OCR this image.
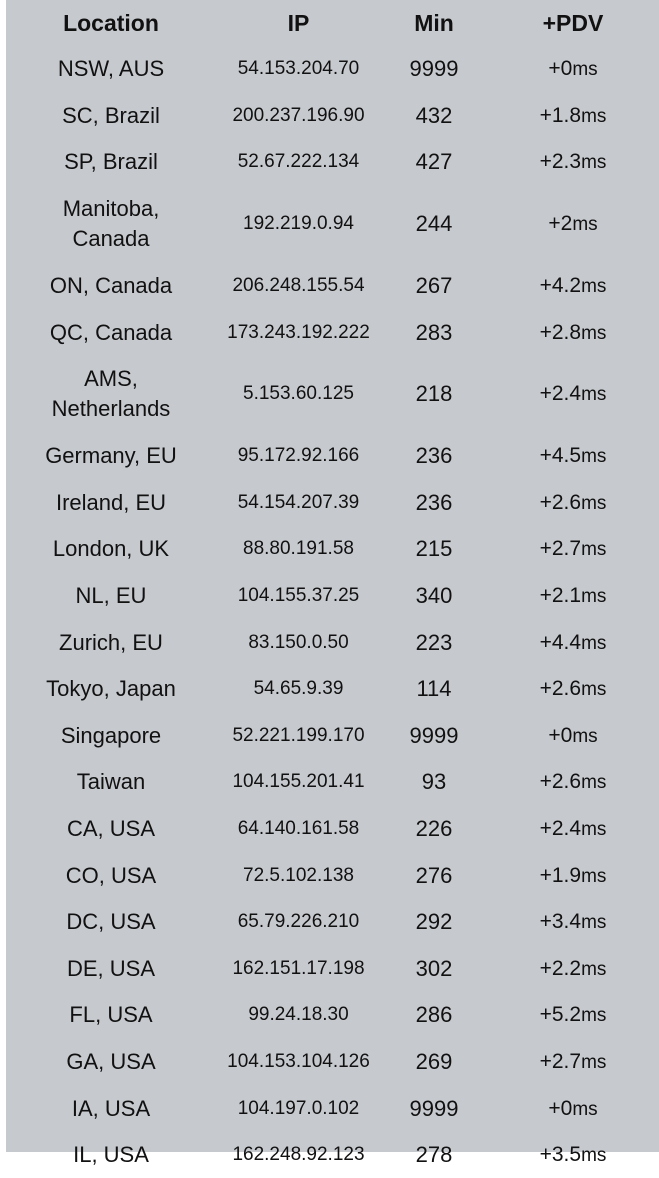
Location	IP	Min	+PDV
NSW, AUS	54.153.204.70	9999	+0ms
SC, Brazil	200.237.196.90	432	+1.8ms
SP, Brazil	52.67.222.134	427	+2.3ms
Manitoba, Canada	192.219.0.94	244	+2ms
ON, Canada	206.248.155.54	267	+4.2ms
QC, Canada	173.243.192.222	283	+2.8ms
AMS, Netherlands	5.153.60.125	218	+2.4ms
Germany, EU	95.172.92.166	236	+4.5ms
Ireland, EU	54.154.207.39	236	+2.6ms
London, UK	88.80.191.58	215	+2.7ms
NL, EU	104.155.37.25	340	+2.1ms
Zurich, EU	83.150.0.50	223	+4.4ms
Tokyo, Japan	54.65.9.39	114	+2.6ms
Singapore	52.221.199.170	9999	+0ms
Taiwan	104.155.201.41	93	+2.6ms
CA, USA	64.140.161.58	226	+2.4ms
CO, USA	72.5.102.138	276	+1.9ms
DC, USA	65.79.226.210	292	+3.4ms
DE, USA	162.151.17.198	302	+2.2ms
FL, USA	99.24.18.30	286	+5.2ms
GA, USA	104.153.104.126	269	+2.7ms
IA, USA	104.197.0.102	9999	+0ms
IL, USA	162.248.92.123	278	+3.5ms
